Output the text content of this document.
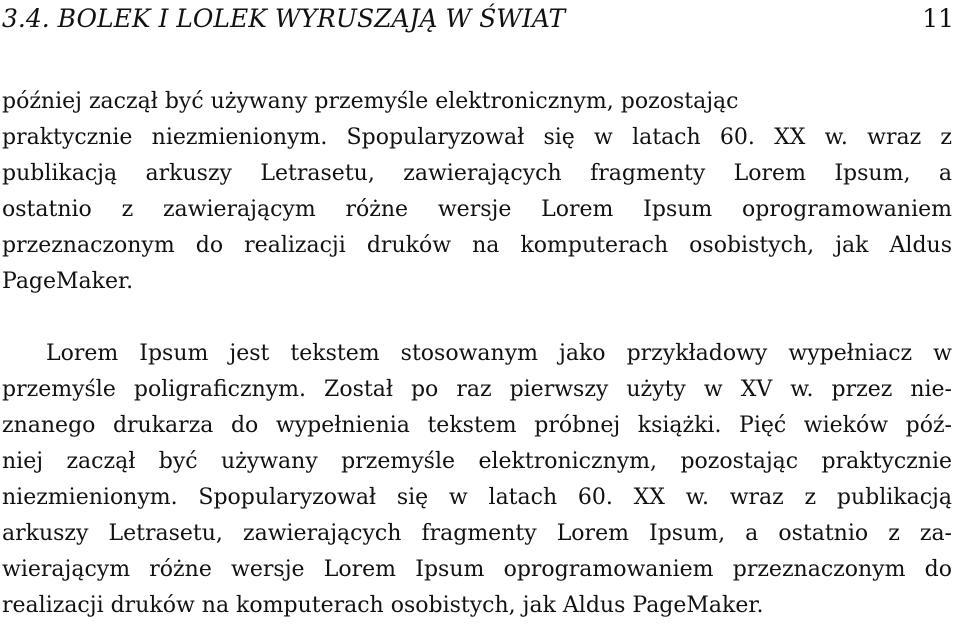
3.4. BOLEK I LOLEK WYRUSZAJĄ W ŚWIAT	11

później zaczął być używany przemyśle elektronicznym, pozostając
praktycznie niezmienionym. Spopularyzował się w latach 60. XX w. wraz z
publikacją arkuszy Letrasetu, zawierających fragmenty Lorem Ipsum, a
ostatnio z zawierającym różne wersje Lorem Ipsum oprogramowaniem
przeznaczonym do realizacji druków na komputerach osobistych, jak Aldus
PageMaker.

Lorem Ipsum jest tekstem stosowanym jako przykładowy wypełniacz w
przemyśle poligraficznym. Został po raz pierwszy użyty w XV w. przez nie-
znanego drukarza do wypełnienia tekstem próbnej książki. Pięć wieków póź-
niej zaczął być używany przemyśle elektronicznym, pozostając praktycznie
niezmienionym. Spopularyzował się w latach 60. XX w. wraz z publikacją
arkuszy Letrasetu, zawierających fragmenty Lorem Ipsum, a ostatnio z za-
wierającym różne wersje Lorem Ipsum oprogramowaniem przeznaczonym do
realizacji druków na komputerach osobistych, jak Aldus PageMaker.
